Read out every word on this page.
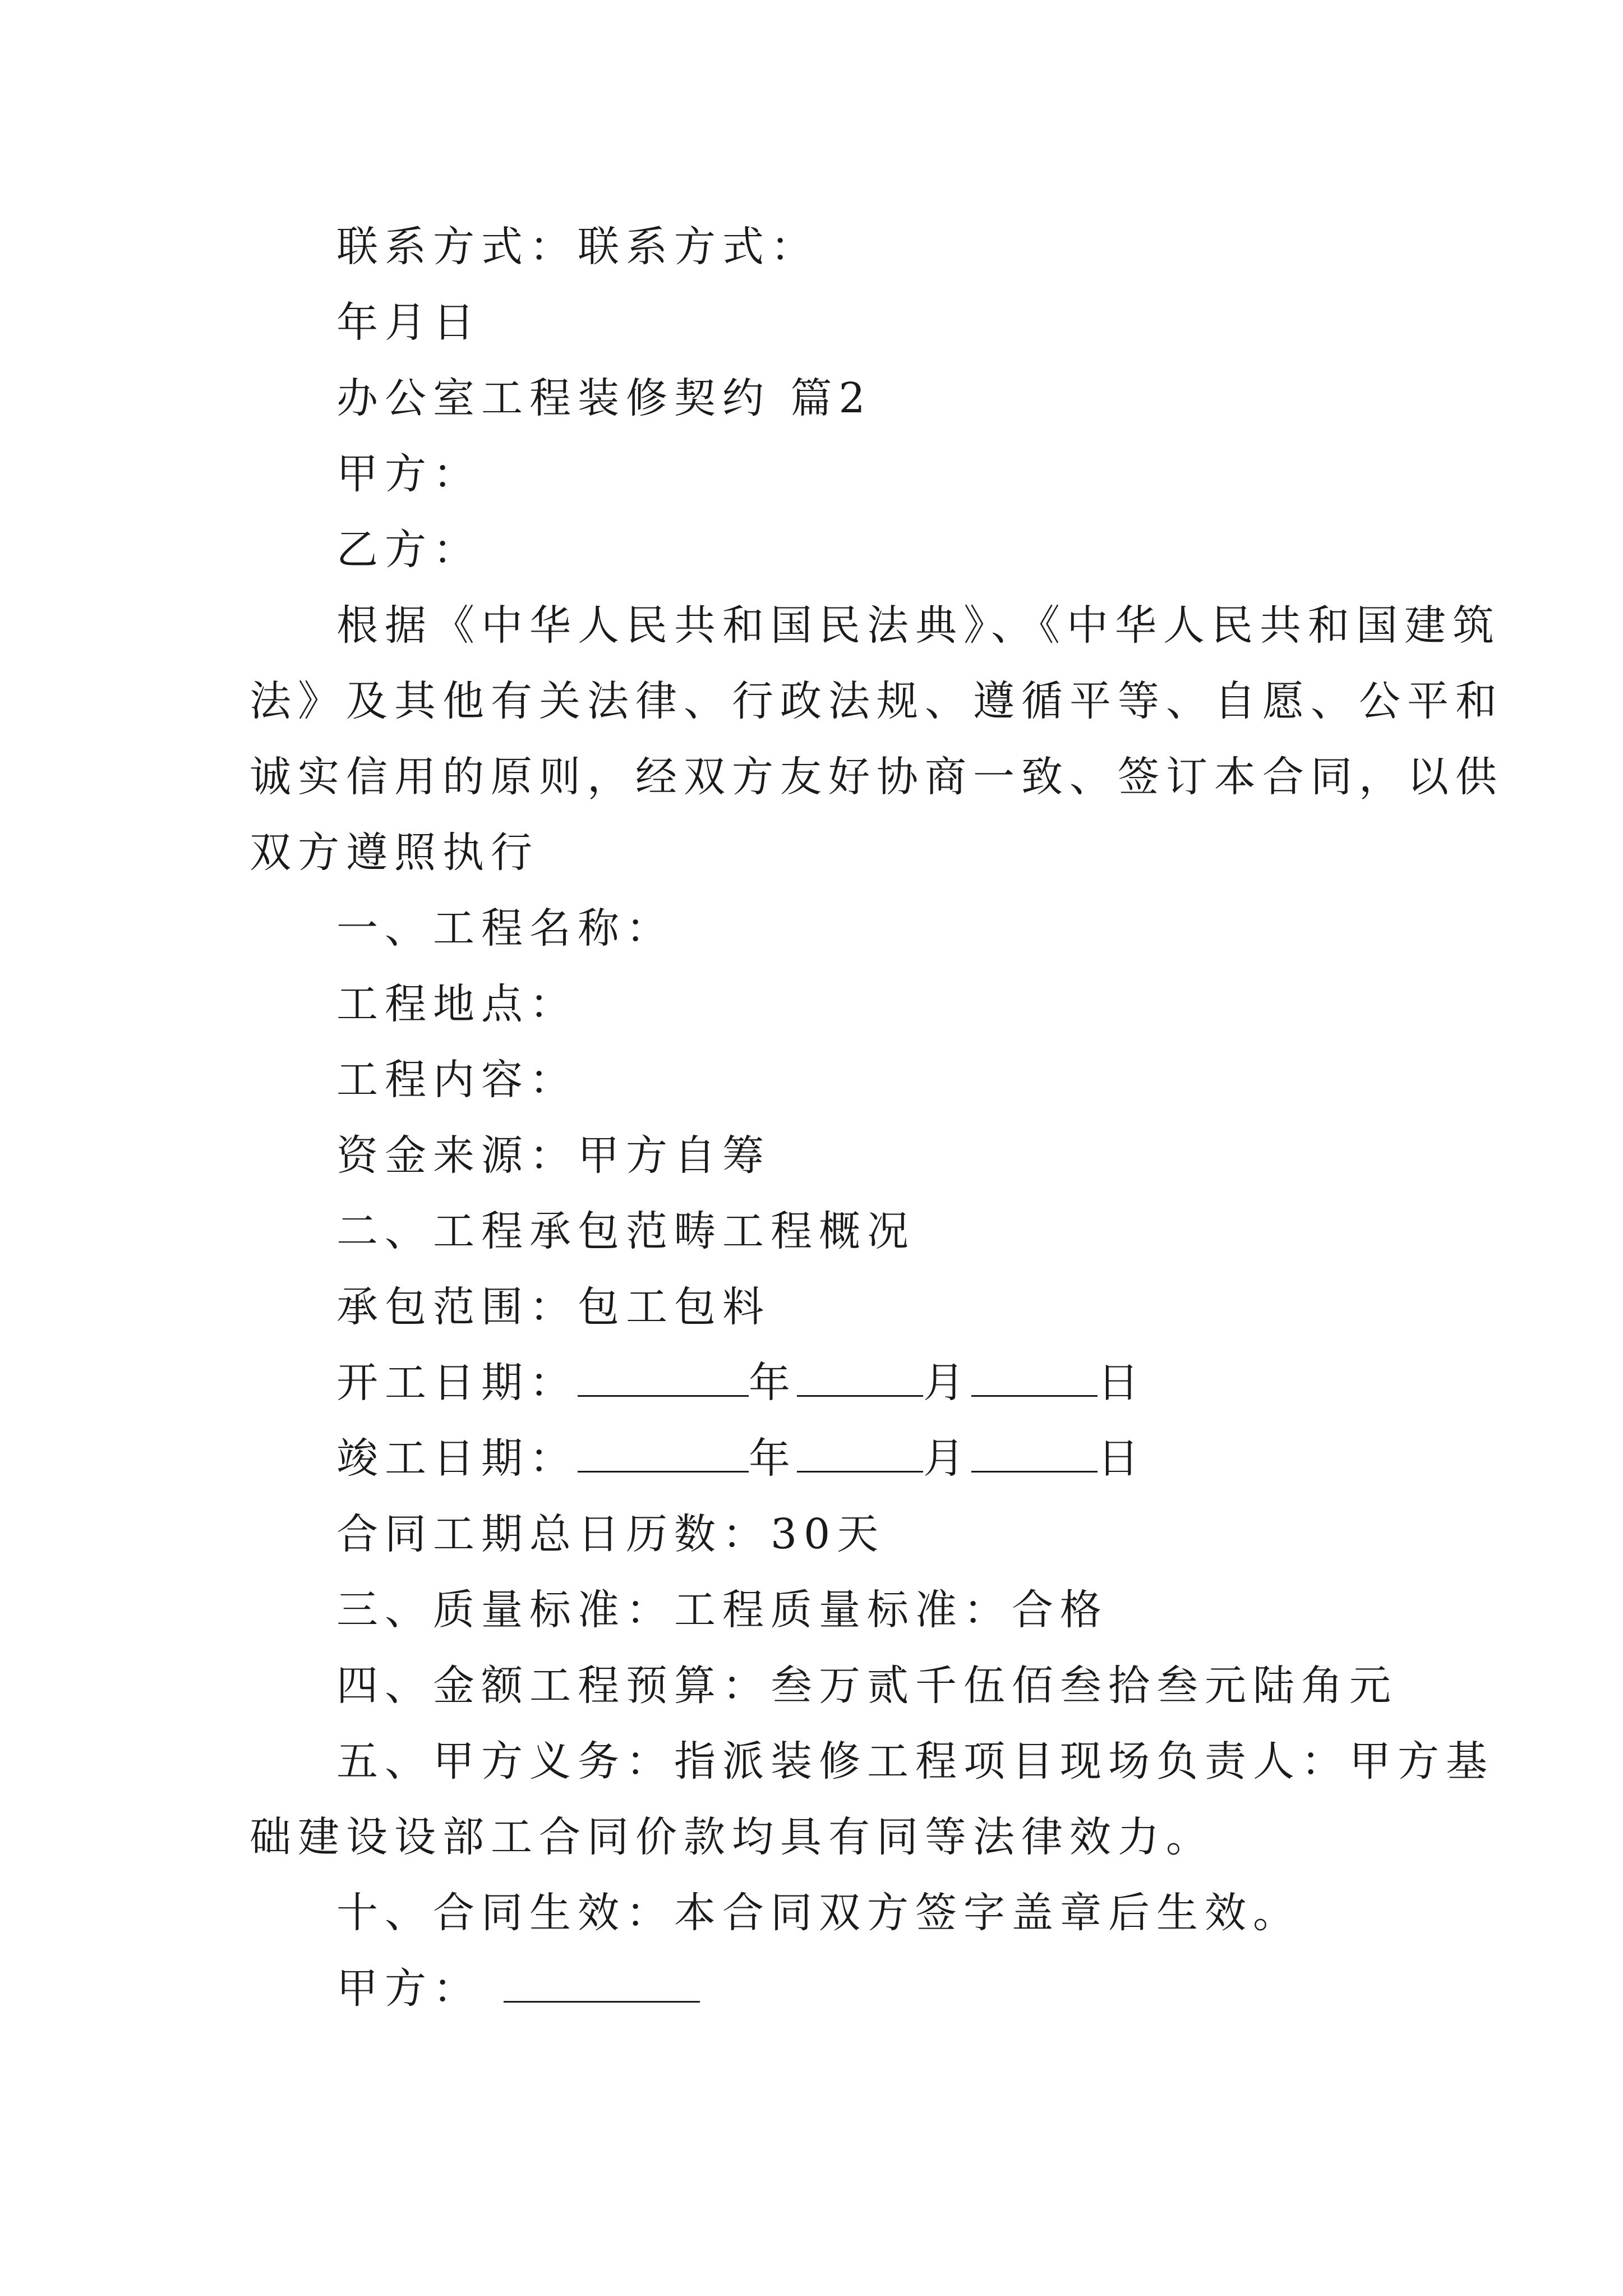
联系方式：联系方式：
年月日
办公室工程装修契约 篇2
甲方：
乙方：
根据《中华人民共和国民法典》、《中华人民共和国建筑
法》及其他有关法律、行政法规、遵循平等、自愿、公平和
诚实信用的原则，经双方友好协商一致、签订本合同，以供
双方遵照执行
一、工程名称：
工程地点：
工程内容：
资金来源：甲方自筹
二、工程承包范畴工程概况
承包范围：包工包料
开工日期：	年	月	日
竣工日期：	年	月	日
合同工期总日历数：30天
三、质量标准：工程质量标准：合格
四、金额工程预算：叁万贰千伍佰叁拾叁元陆角元
五、甲方义务：指派装修工程项目现场负责人：甲方基
础建设设部工合同价款均具有同等法律效力。
十、合同生效：本合同双方签字盖章后生效。
甲方：
